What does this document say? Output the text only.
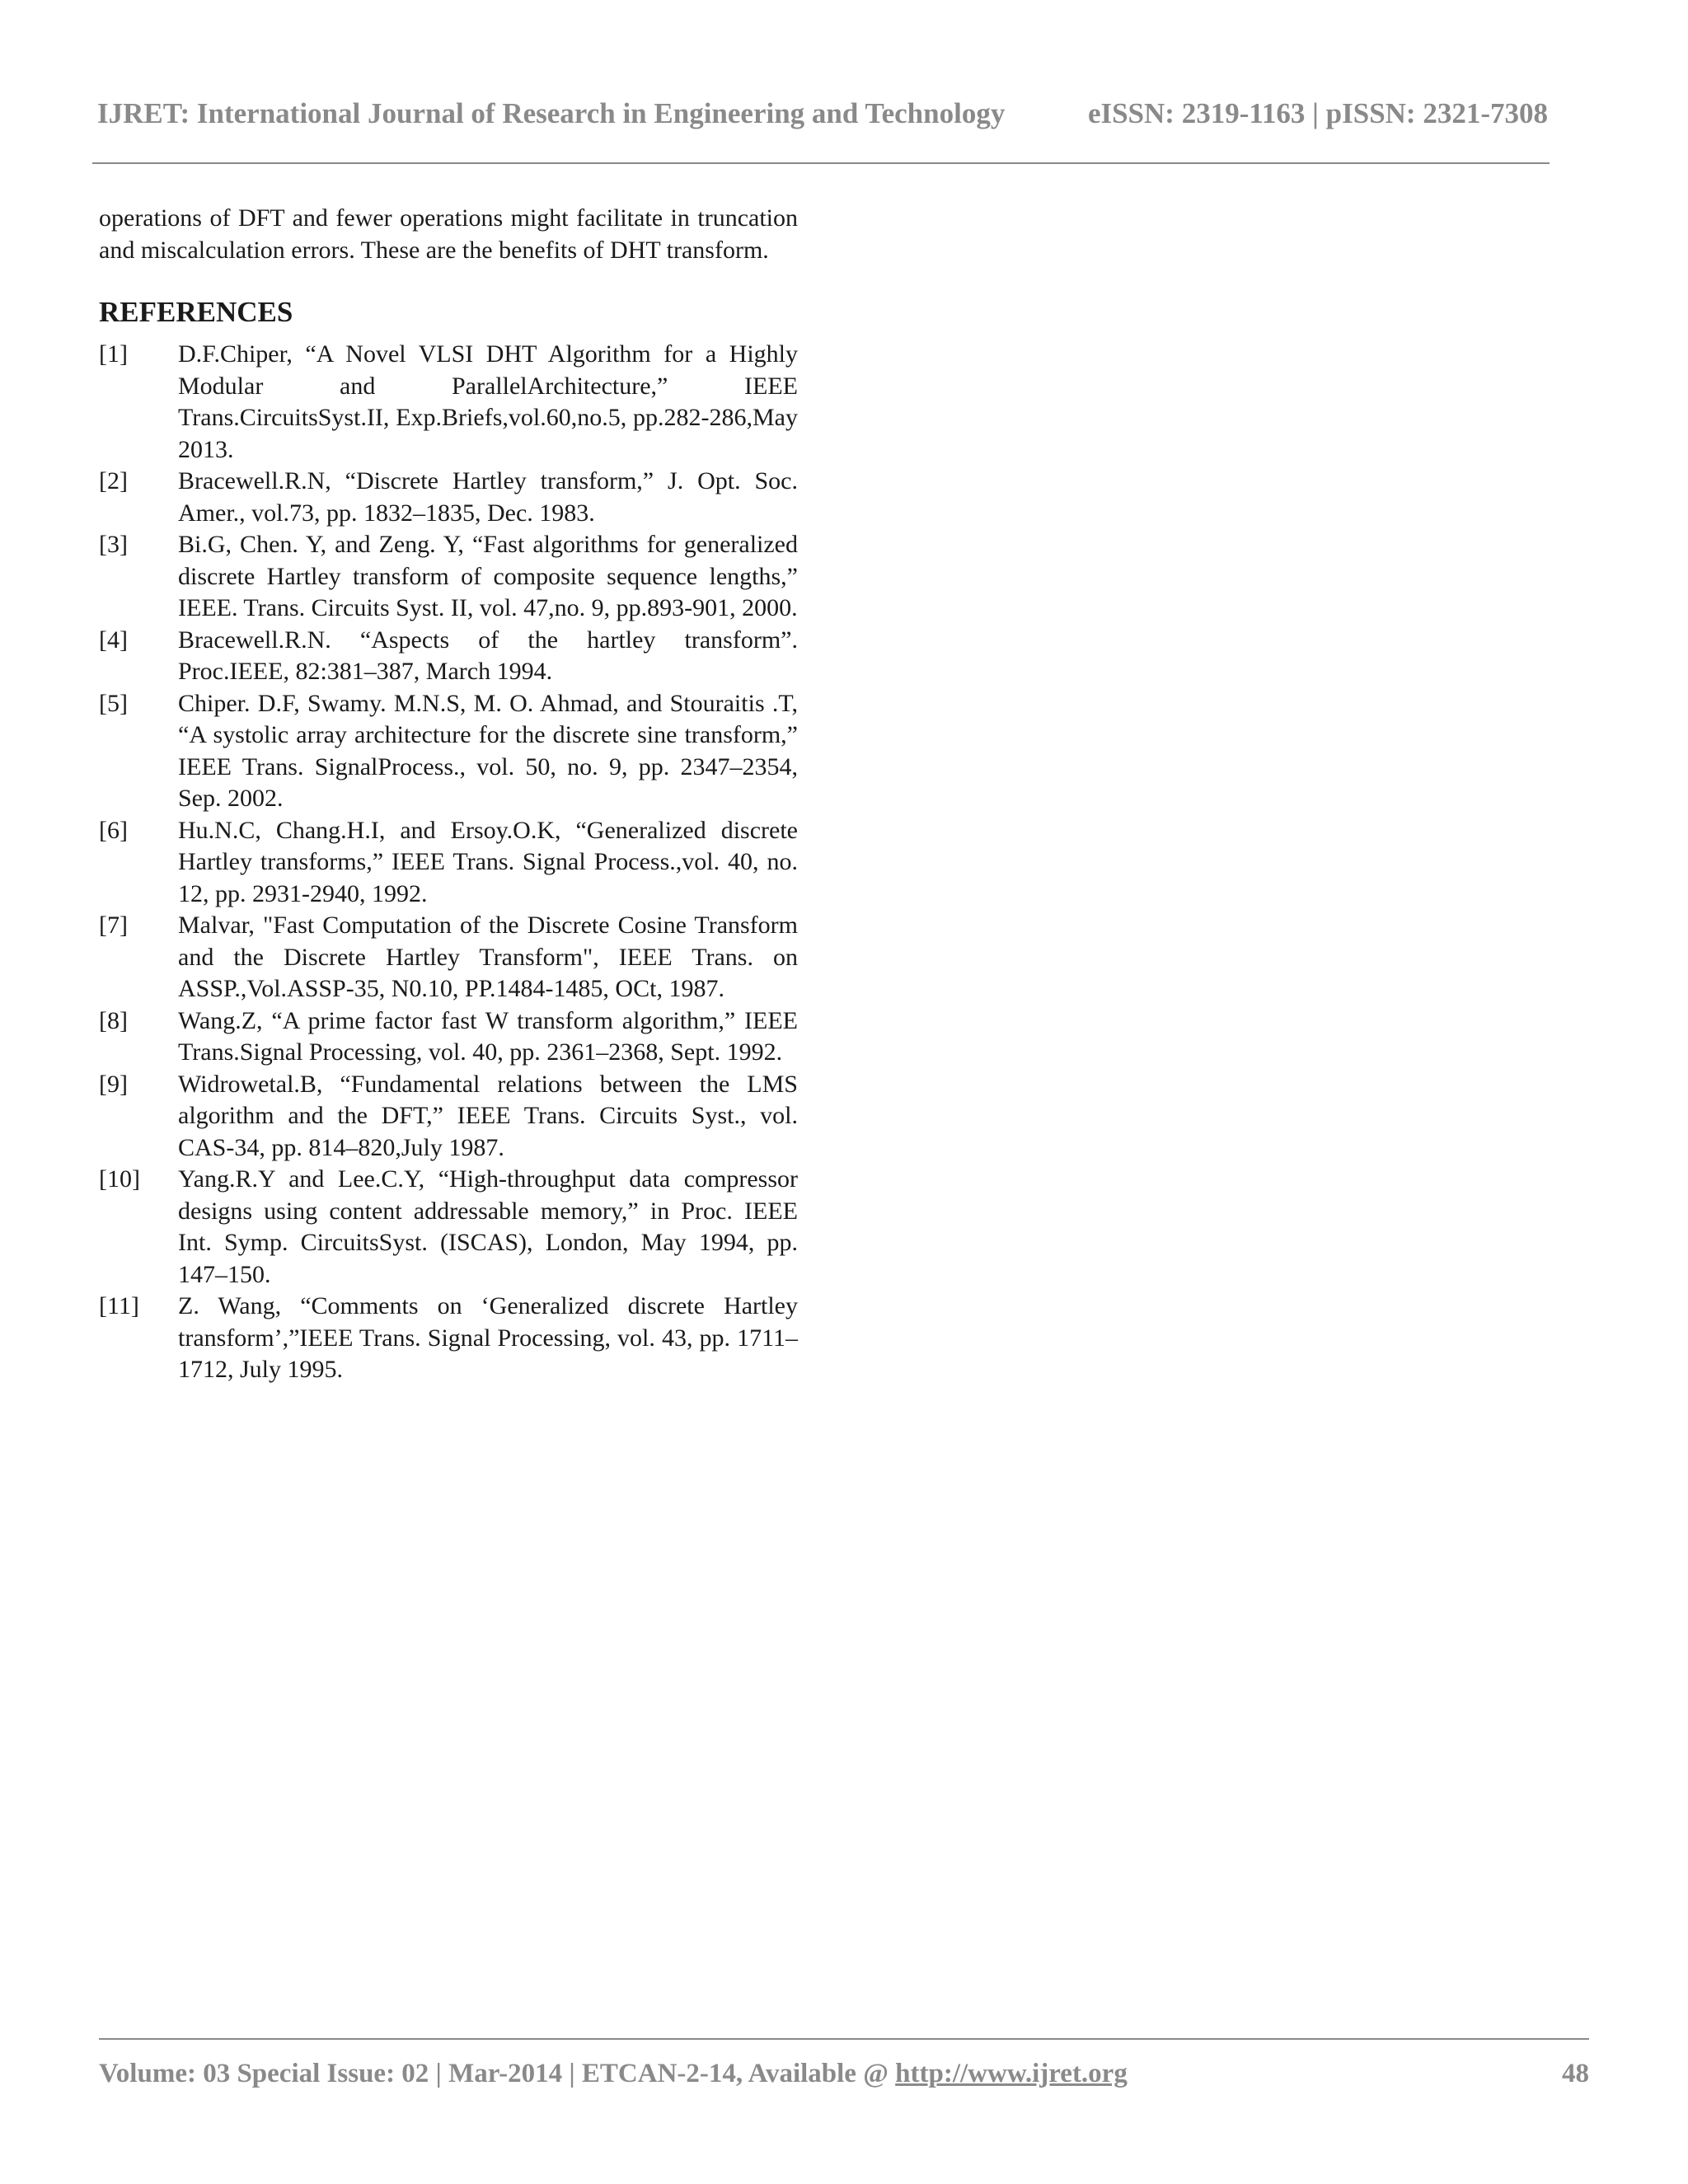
IJRET: International Journal of Research in Engineering and Technology	eISSN: 2319-1163 | pISSN: 2321-7308

operations of DFT and fewer operations might facilitate in truncation and miscalculation errors. These are the benefits of DHT transform.

REFERENCES
[1]	D.F.Chiper, “A Novel VLSI DHT Algorithm for a Highly Modular and ParallelArchitecture,” IEEE Trans.CircuitsSyst.II, Exp.Briefs,vol.60,no.5, pp.282-286,May 2013.
[2]	Bracewell.R.N, “Discrete Hartley transform,” J. Opt. Soc. Amer., vol.73, pp. 1832–1835, Dec. 1983.
[3]	Bi.G, Chen. Y, and Zeng. Y, “Fast algorithms for generalized discrete Hartley transform of composite sequence lengths,” IEEE. Trans. Circuits Syst. II, vol. 47,no. 9, pp.893-901, 2000.
[4]	Bracewell.R.N. “Aspects of the hartley transform”. Proc.IEEE, 82:381–387, March 1994.
[5]	Chiper. D.F, Swamy. M.N.S, M. O. Ahmad, and Stouraitis .T, “A systolic array architecture for the discrete sine transform,” IEEE Trans. SignalProcess., vol. 50, no. 9, pp. 2347–2354, Sep. 2002.
[6]	Hu.N.C, Chang.H.I, and Ersoy.O.K, “Generalized discrete Hartley transforms,” IEEE Trans. Signal Process.,vol. 40, no. 12, pp. 2931-2940, 1992.
[7]	Malvar, "Fast Computation of the Discrete Cosine Transform and the Discrete Hartley Transform", IEEE Trans. on ASSP.,Vol.ASSP-35, N0.10, PP.1484-1485, OCt, 1987.
[8]	Wang.Z, “A prime factor fast W transform algorithm,” IEEE Trans.Signal Processing, vol. 40, pp. 2361–2368, Sept. 1992.
[9]	Widrowetal.B, “Fundamental relations between the LMS algorithm and the DFT,” IEEE Trans. Circuits Syst., vol. CAS-34, pp. 814–820,July 1987.
[10]	Yang.R.Y and Lee.C.Y, “High-throughput data compressor designs using content addressable memory,” in Proc. IEEE Int. Symp. CircuitsSyst. (ISCAS), London, May 1994, pp. 147–150.
[11]	Z. Wang, “Comments on ‘Generalized discrete Hartley transform’,”IEEE Trans. Signal Processing, vol. 43, pp. 1711–1712, July 1995.
Volume: 03 Special Issue: 02 | Mar-2014 | ETCAN-2-14, Available @ http://www.ijret.org	48
